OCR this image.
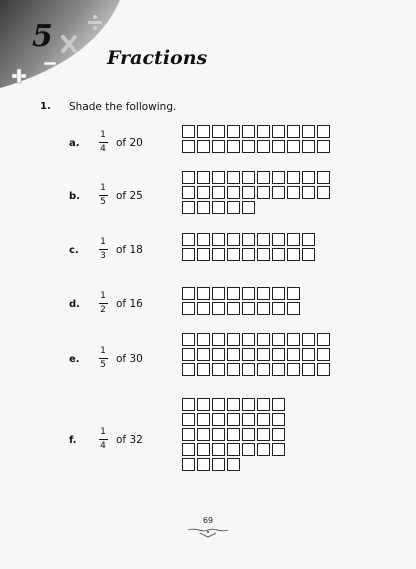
5
Fractions
1. Shade the following.
a.
1
4 of 20
b.
1
5 of 25
c.
1
3 of 18
d.
1
2 of 16
e.
1
5 of 30
f.
1
4 of 32
69
